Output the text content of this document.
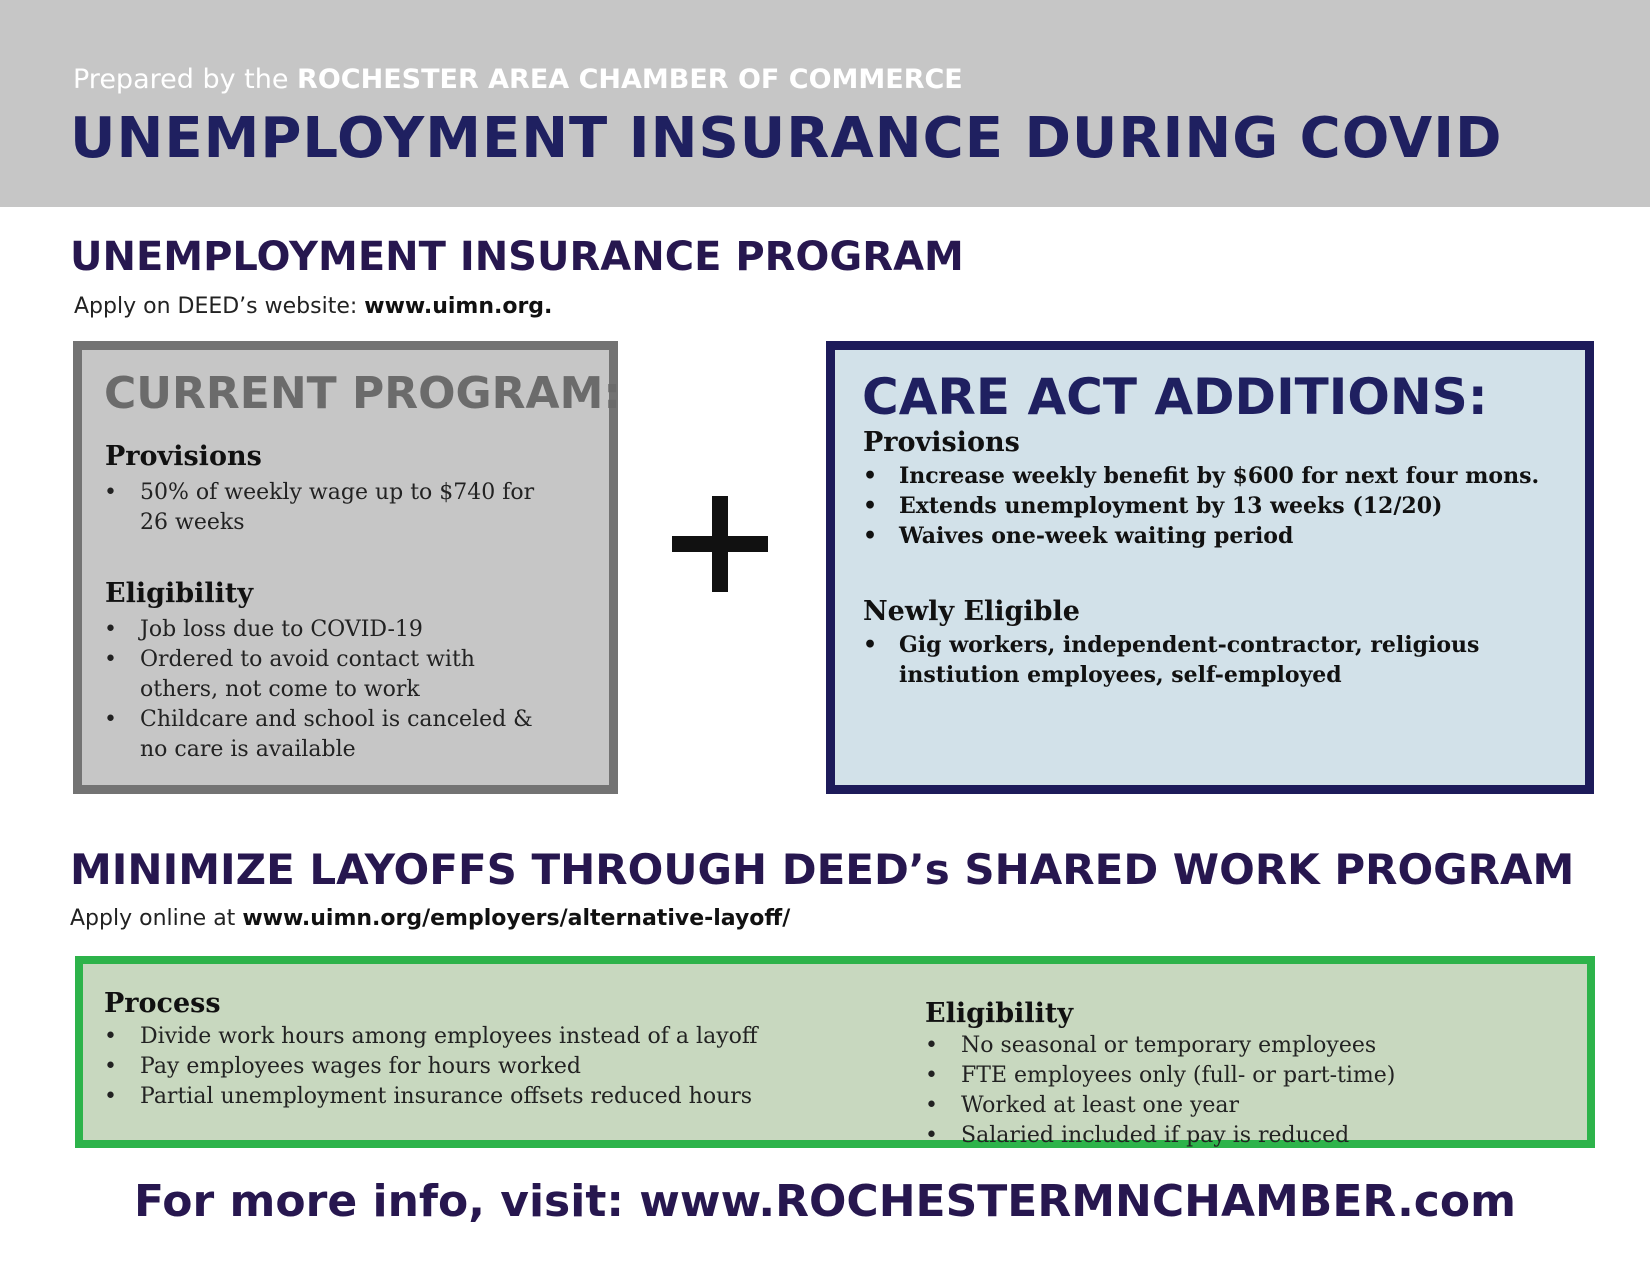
Prepared by the ROCHESTER AREA CHAMBER OF COMMERCE
UNEMPLOYMENT INSURANCE DURING COVID
UNEMPLOYMENT INSURANCE PROGRAM
Apply on DEED’s website: www.uimn.org.
CURRENT PROGRAM:
Provisions
• 50% of weekly wage up to $740 for 26 weeks
Eligibility
• Job loss due to COVID-19
• Ordered to avoid contact with others, not come to work
• Childcare and school is canceled & no care is available
CARE ACT ADDITIONS:
Provisions
• Increase weekly benefit by $600 for next four mons.
• Extends unemployment by 13 weeks (12/20)
• Waives one-week waiting period
Newly Eligible
• Gig workers, independent-contractor, religious instiution employees, self-employed
MINIMIZE LAYOFFS THROUGH DEED’s SHARED WORK PROGRAM
Apply online at www.uimn.org/employers/alternative-layoff/
Process
• Divide work hours among employees instead of a layoff
• Pay employees wages for hours worked
• Partial unemployment insurance offsets reduced hours
Eligibility
• No seasonal or temporary employees
• FTE employees only (full- or part-time)
• Worked at least one year
• Salaried included if pay is reduced
For more info, visit: www.ROCHESTERMNCHAMBER.com
